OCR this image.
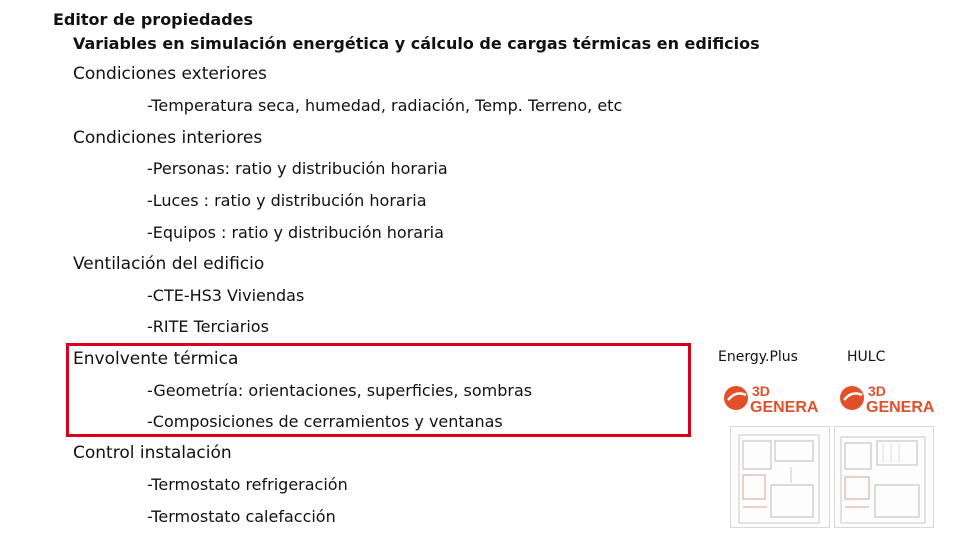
Editor de propiedades
Variables en simulación energética y cálculo de cargas térmicas en edificios
Condiciones exteriores
-Temperatura seca, humedad, radiación, Temp. Terreno, etc
Condiciones interiores
-Personas: ratio y distribución horaria
-Luces : ratio y distribución horaria
-Equipos : ratio y distribución horaria
Ventilación del edificio
-CTE-HS3 Viviendas
-RITE Terciarios
Envolvente térmica
-Geometría: orientaciones, superficies, sombras
-Composiciones de cerramientos y ventanas
Control instalación
-Termostato refrigeración
-Termostato calefacción
Energy.Plus
3D
GENERA
HULC
3D
GENERA
